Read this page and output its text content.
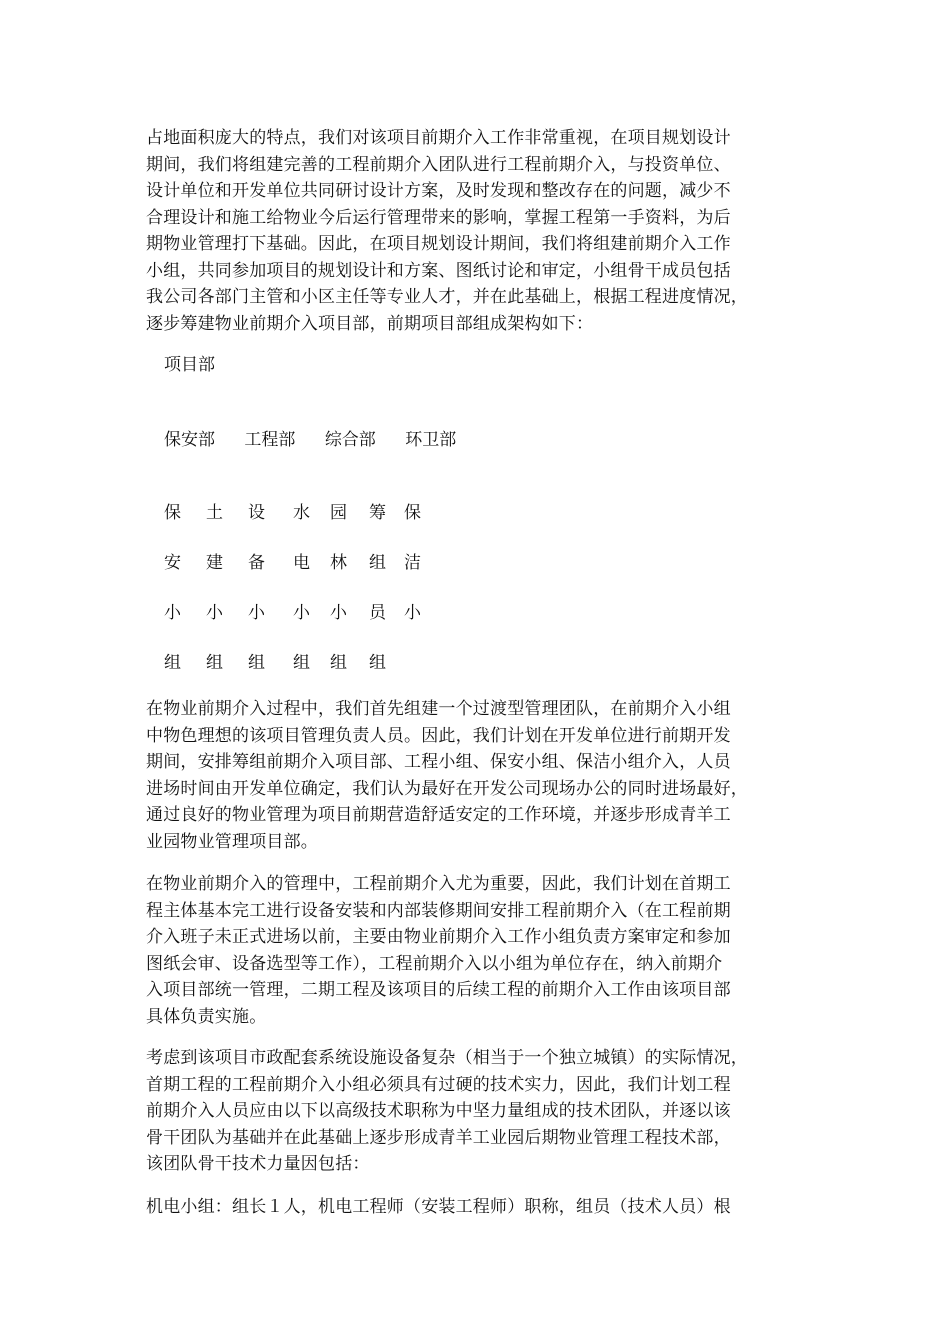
占地面积庞大的特点，我们对该项目前期介入工作非常重视，在项目规划设计
期间，我们将组建完善的工程前期介入团队进行工程前期介入，与投资单位、
设计单位和开发单位共同研讨设计方案，及时发现和整改存在的问题，减少不
合理设计和施工给物业今后运行管理带来的影响，掌握工程第一手资料，为后
期物业管理打下基础。因此，在项目规划设计期间，我们将组建前期介入工作
小组，共同参加项目的规划设计和方案、图纸讨论和审定，小组骨干成员包括
我公司各部门主管和小区主任等专业人才，并在此基础上，根据工程进度情况，
逐步筹建物业前期介入项目部，前期项目部组成架构如下：
项目部
保安部 工程部 综合部 环卫部
保 土 设 水 园 筹 保
安 建 备 电 林 组 洁
小 小 小 小 小 员 小
组 组 组 组 组 组
在物业前期介入过程中，我们首先组建一个过渡型管理团队，在前期介入小组
中物色理想的该项目管理负责人员。因此，我们计划在开发单位进行前期开发
期间，安排筹组前期介入项目部、工程小组、保安小组、保洁小组介入，人员
进场时间由开发单位确定，我们认为最好在开发公司现场办公的同时进场最好，
通过良好的物业管理为项目前期营造舒适安定的工作环境，并逐步形成青羊工
业园物业管理项目部。
在物业前期介入的管理中，工程前期介入尤为重要，因此，我们计划在首期工
程主体基本完工进行设备安装和内部装修期间安排工程前期介入（在工程前期
介入班子未正式进场以前，主要由物业前期介入工作小组负责方案审定和参加
图纸会审、设备选型等工作），工程前期介入以小组为单位存在，纳入前期介
入项目部统一管理，二期工程及该项目的后续工程的前期介入工作由该项目部
具体负责实施。
考虑到该项目市政配套系统设施设备复杂（相当于一个独立城镇）的实际情况，
首期工程的工程前期介入小组必须具有过硬的技术实力，因此，我们计划工程
前期介入人员应由以下以高级技术职称为中坚力量组成的技术团队，并逐以该
骨干团队为基础并在此基础上逐步形成青羊工业园后期物业管理工程技术部，
该团队骨干技术力量因包括：
机电小组：组长１人，机电工程师（安装工程师）职称，组员（技术人员）根
